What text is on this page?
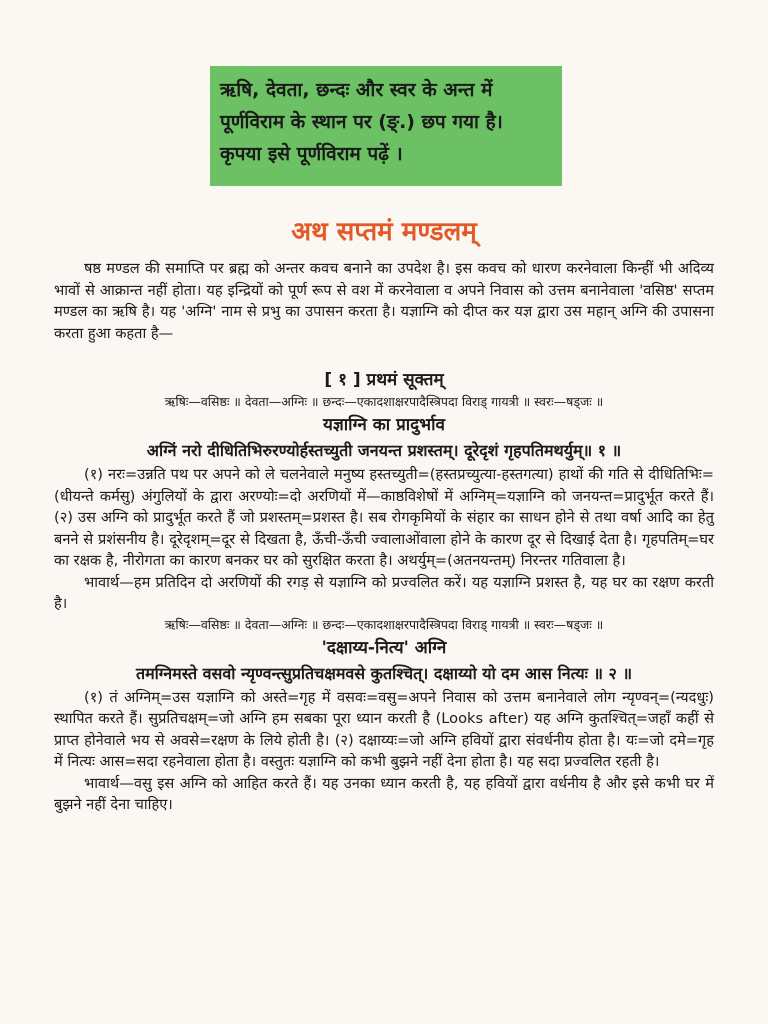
ऋषि, देवता, छन्दः और स्वर के अन्त में
पूर्णविराम के स्थान पर (ङ्.) छप गया है।
कृपया इसे पूर्णविराम पढ़ें ।
अथ सप्तमं मण्डलम्

षष्ठ मण्डल की समाप्ति पर ब्रह्म को अन्तर कवच बनाने का उपदेश है। इस कवच को धारण करनेवाला किन्हीं भी अदिव्य भावों से आक्रान्त नहीं होता। यह इन्द्रियों को पूर्ण रूप से वश में करनेवाला व अपने निवास को उत्तम बनानेवाला 'वसिष्ठ' सप्तम मण्डल का ऋषि है। यह 'अग्नि' नाम से प्रभु का उपासन करता है। यज्ञाग्नि को दीप्त कर यज्ञ द्वारा उस महान् अग्नि की उपासना करता हुआ कहता है—

[ १ ] प्रथमं सूक्तम्
ऋषिः—वसिष्ठः ॥ देवता—अग्निः ॥ छन्दः—एकादशाक्षरपादैस्त्रिपदा विराड् गायत्री ॥ स्वरः—षड्जः ॥
यज्ञाग्नि का प्रादुर्भाव
अग्निं नरो दीधितिभिरुरण्योर्हस्तच्युती जनयन्त प्रशस्तम्। दूरेदृशं गृहपतिमथर्युम्॥ १ ॥

(१) नरः=उन्नति पथ पर अपने को ले चलनेवाले मनुष्य हस्तच्युती=(हस्तप्रच्युत्या-हस्तगत्या) हाथों की गति से दीधितिभिः=(धीयन्ते कर्मसु) अंगुलियों के द्वारा अरण्योः=दो अरणियों में—काष्ठविशेषों में अग्निम्=यज्ञाग्नि को जनयन्त=प्रादुर्भूत करते हैं। (२) उस अग्नि को प्रादुर्भूत करते हैं जो प्रशस्तम्=प्रशस्त है। सब रोगकृमियों के संहार का साधन होने से तथा वर्षा आदि का हेतु बनने से प्रशंसनीय है। दूरेदृशम्=दूर से दिखता है, ऊँची-ऊँची ज्वालाओंवाला होने के कारण दूर से दिखाई देता है। गृहपतिम्=घर का रक्षक है, नीरोगता का कारण बनकर घर को सुरक्षित करता है। अथर्युम्=(अतनयन्तम्) निरन्तर गतिवाला है।

भावार्थ—हम प्रतिदिन दो अरणियों की रगड़ से यज्ञाग्नि को प्रज्वलित करें। यह यज्ञाग्नि प्रशस्त है, यह घर का रक्षण करती है।

ऋषिः—वसिष्ठः ॥ देवता—अग्निः ॥ छन्दः—एकादशाक्षरपादैस्त्रिपदा विराड् गायत्री ॥ स्वरः—षड्जः ॥
'दक्षाय्य-नित्य' अग्नि
तमग्निमस्ते वसवो न्यृण्वन्त्सुप्रतिचक्षमवसे कुतश्चित्। दक्षाय्यो यो दम आस नित्यः ॥ २ ॥

(१) तं अग्निम्=उस यज्ञाग्नि को अस्ते=गृह में वसवः=वसु=अपने निवास को उत्तम बनानेवाले लोग न्यृण्वन्=(न्यदधुः) स्थापित करते हैं। सुप्रतिचक्षम्=जो अग्नि हम सबका पूरा ध्यान करती है (Looks after) यह अग्नि कुतश्चित्=जहाँ कहीं से प्राप्त होनेवाले भय से अवसे=रक्षण के लिये होती है। (२) दक्षाय्यः=जो अग्नि हवियों द्वारा संवर्धनीय होता है। यः=जो दमे=गृह में नित्यः आस=सदा रहनेवाला होता है। वस्तुतः यज्ञाग्नि को कभी बुझने नहीं देना होता है। यह सदा प्रज्वलित रहती है।

भावार्थ—वसु इस अग्नि को आहित करते हैं। यह उनका ध्यान करती है, यह हवियों द्वारा वर्धनीय है और इसे कभी घर में बुझने नहीं देना चाहिए।
